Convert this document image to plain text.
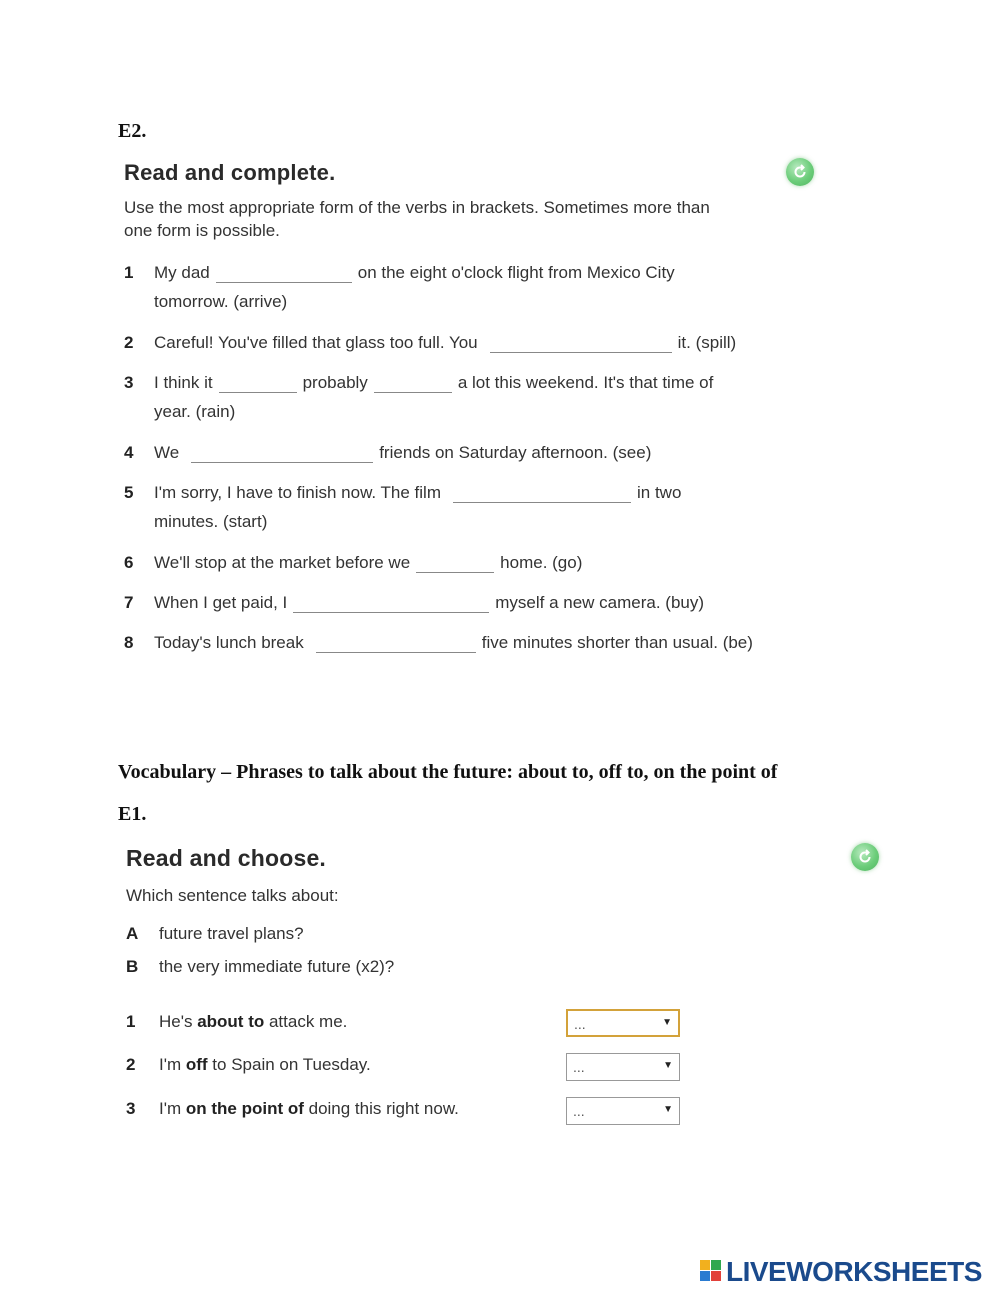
E2.
Read and complete.
Use the most appropriate form of the verbs in brackets. Sometimes more than
one form is possible.
1 My dad	on the eight o'clock flight from Mexico City
tomorrow. (arrive)
2 Careful! You've filled that glass too full. You	it. (spill)
3 I think it	probably	a lot this weekend. It's that time of
year. (rain)
4 We	friends on Saturday afternoon. (see)
5 I'm sorry, I have to finish now. The film	in two
minutes. (start)
6 We'll stop at the market before we	home. (go)
7 When I get paid, I	myself a new camera. (buy)
8 Today's lunch break	five minutes shorter than usual. (be)
Vocabulary – Phrases to talk about the future: about to, off to, on the point of
E1.
Read and choose.
Which sentence talks about:
A future travel plans?
B the very immediate future (x2)?
1 He's about to attack me.	...	▼
2 I'm off to Spain on Tuesday.	...	▼
3 I'm on the point of doing this right now.	...	▼
LIVEWORKSHEETS
